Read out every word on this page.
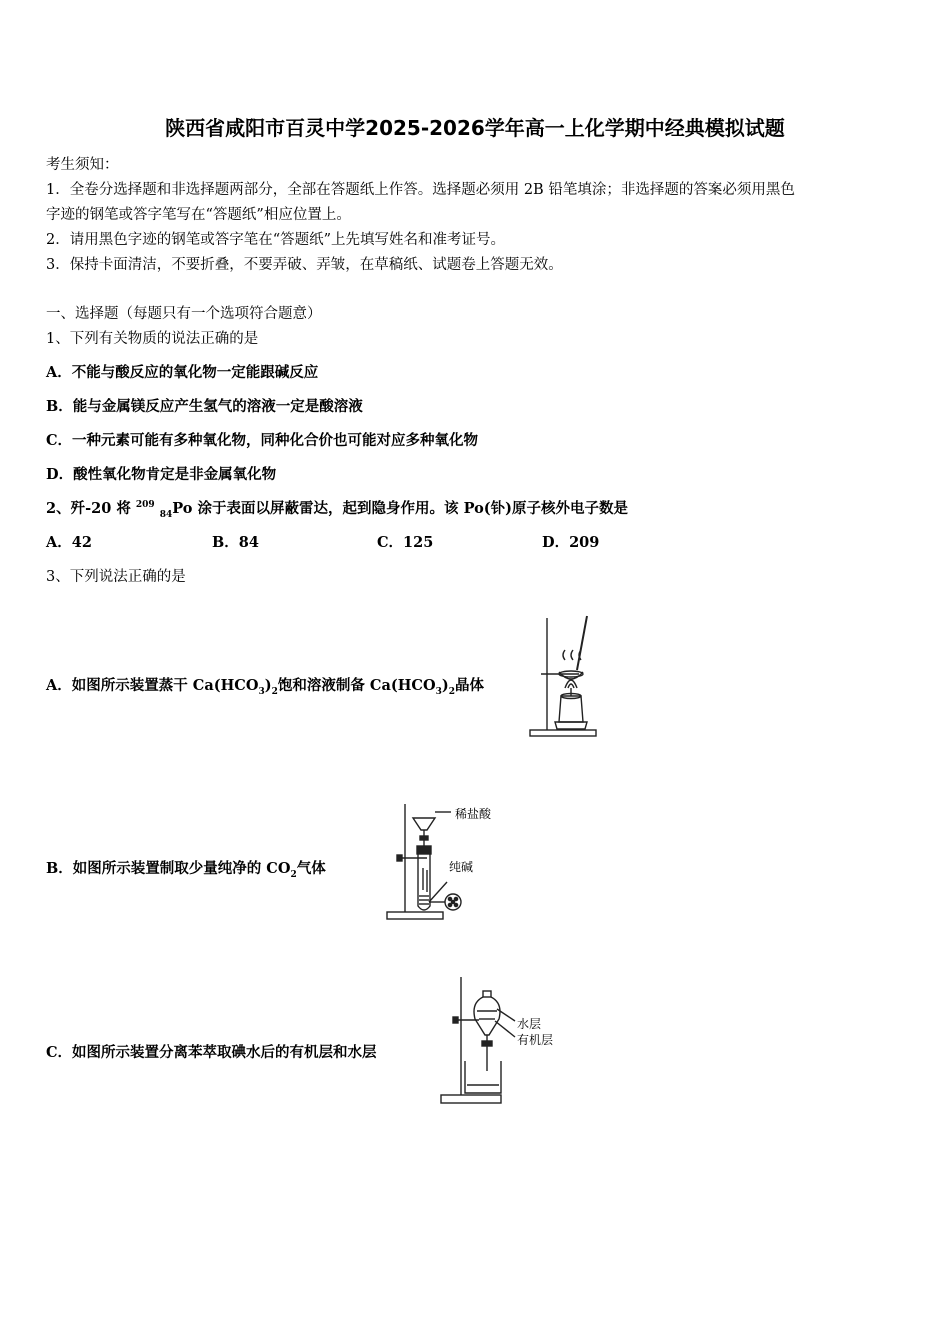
陕西省咸阳市百灵中学2025-2026学年高一上化学期中经典模拟试题
考生须知：
1．全卷分选择题和非选择题两部分，全部在答题纸上作答。选择题必须用 2B 铅笔填涂；非选择题的答案必须用黑色
字迹的钢笔或答字笔写在“答题纸”相应位置上。
2．请用黑色字迹的钢笔或答字笔在“答题纸”上先填写姓名和准考证号。
3．保持卡面清洁，不要折叠，不要弄破、弄皱，在草稿纸、试题卷上答题无效。
一、选择题（每题只有一个选项符合题意）
1、下列有关物质的说法正确的是
A．不能与酸反应的氧化物一定能跟碱反应
B．能与金属镁反应产生氢气的溶液一定是酸溶液
C．一种元素可能有多种氧化物，同种化合价也可能对应多种氧化物
D．酸性氧化物肯定是非金属氧化物
2、歼-20 将 $^{209}$ $_{84}$Po 涂于表面以屏蔽雷达，起到隐身作用。该 Po(钋)原子核外电子数是
A．42	B．84	C．125	D．209
3、下列说法正确的是
A．如图所示装置蒸干 $Ca(HCO_3)_2$饱和溶液制备 $Ca(HCO_3)_2$晶体
B．如图所示装置制取少量纯净的 $CO_2$气体
稀盐酸
纯碱
C．如图所示装置分离苯萃取碘水后的有机层和水层
水层
有机层
